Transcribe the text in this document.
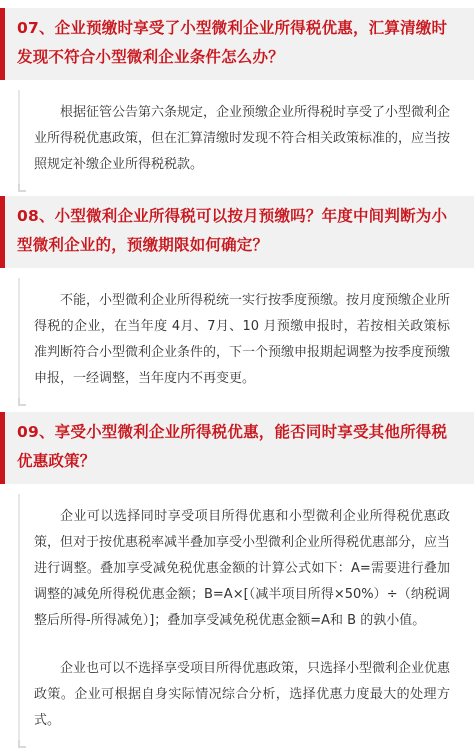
07、企业预缴时享受了小型微利企业所得税优惠，汇算清缴时发现不符合小型微利企业条件怎么办？

根据征管公告第六条规定，企业预缴企业所得税时享受了小型微利企业所得税优惠政策，但在汇算清缴时发现不符合相关政策标准的，应当按照规定补缴企业所得税税款。

08、小型微利企业所得税可以按月预缴吗？年度中间判断为小型微利企业的，预缴期限如何确定？

不能，小型微利企业所得税统一实行按季度预缴。按月度预缴企业所得税的企业，在当年度 4月、7月、10 月预缴申报时，若按相关政策标准判断符合小型微利企业条件的，下一个预缴申报期起调整为按季度预缴申报，一经调整，当年度内不再变更。

09、享受小型微利企业所得税优惠，能否同时享受其他所得税优惠政策？

企业可以选择同时享受项目所得优惠和小型微利企业所得税优惠政策，但对于按优惠税率减半叠加享受小型微利企业所得税优惠部分，应当进行调整。叠加享受减免税优惠金额的计算公式如下：A=需要进行叠加调整的减免所得税优惠金额；B=A×[（减半项目所得×50%）÷（纳税调整后所得-所得减免）]；叠加享受减免税优惠金额=A和 B 的孰小值。

企业也可以不选择享受项目所得优惠政策，只选择小型微利企业优惠政策。企业可根据自身实际情况综合分析，选择优惠力度最大的处理方式。
